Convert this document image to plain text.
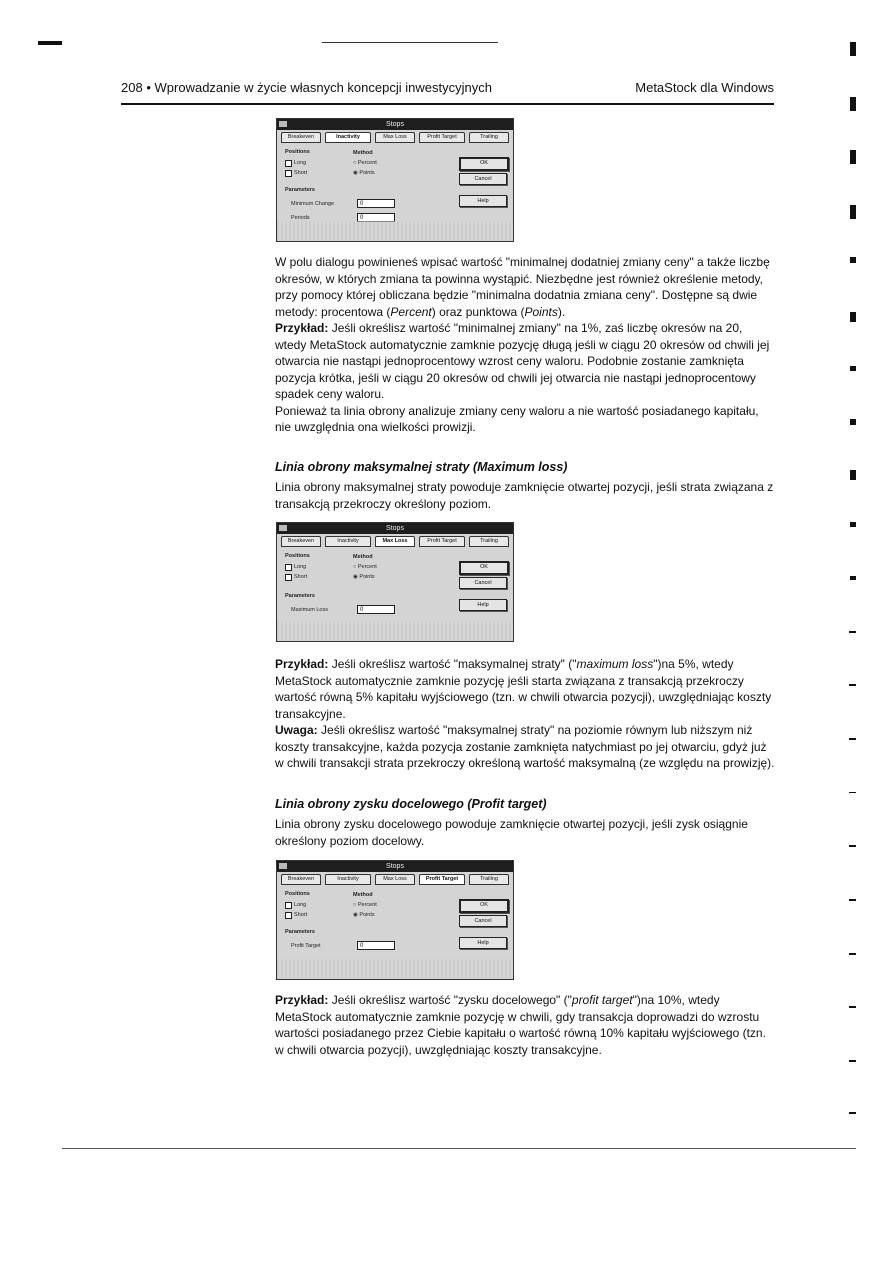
208 • Wprowadzanie w życie własnych koncepcji inwestycyjnych	MetaStock dla Windows
Stops
Breakeven	Inactivity	Max Loss	Profit Target	Trailing
Positions
Long
Short
Method
○ Percent
◉ Points
Parameters
Minimum Change	0
Periods	0
OK
Cancel
Help

W polu dialogu powinieneś wpisać wartość "minimalnej dodatniej zmiany ceny" a także liczbę okresów, w których zmiana ta powinna wystąpić. Niezbędne jest również określenie metody, przy pomocy której obliczana będzie "minimalna dodatnia zmiana ceny". Dostępne są dwie metody: procentowa (Percent) oraz punktowa (Points).
Przykład: Jeśli określisz wartość "minimalnej zmiany" na 1%, zaś liczbę okresów na 20, wtedy MetaStock automatycznie zamknie pozycję długą jeśli w ciągu 20 okresów od chwili jej otwarcia nie nastąpi jednoprocentowy wzrost ceny waloru. Podobnie zostanie zamknięta pozycja krótka, jeśli w ciągu 20 okresów od chwili jej otwarcia nie nastąpi jednoprocentowy spadek ceny waloru.
Ponieważ ta linia obrony analizuje zmiany ceny waloru a nie wartość posiadanego kapitału, nie uwzględnia ona wielkości prowizji.

Linia obrony maksymalnej straty (Maximum loss)

Linia obrony maksymalnej straty powoduje zamknięcie otwartej pozycji, jeśli strata związana z transakcją przekroczy określony poziom.

Stops
Breakeven	Inactivity	Max Loss	Profit Target	Trailing
Positions
Long
Short
Method
○ Percent
◉ Points
Parameters
Maximum Loss	0
OK
Cancel
Help

Przykład: Jeśli określisz wartość "maksymalnej straty" ("maximum loss")na 5%, wtedy MetaStock automatycznie zamknie pozycję jeśli starta związana z transakcją przekroczy wartość równą 5% kapitału wyjściowego (tzn. w chwili otwarcia pozycji), uwzględniając koszty transakcyjne.
Uwaga: Jeśli określisz wartość "maksymalnej straty" na poziomie równym lub niższym niż koszty transakcyjne, każda pozycja zostanie zamknięta natychmiast po jej otwarciu, gdyż już w chwili transakcji strata przekroczy określoną wartość maksymalną (ze względu na prowizję).

Linia obrony zysku docelowego (Profit target)

Linia obrony zysku docelowego powoduje zamknięcie otwartej pozycji, jeśli zysk osiągnie określony poziom docelowy.

Stops
Breakeven	Inactivity	Max Loss	Profit Target	Trailing
Positions
Long
Short
Method
○ Percent
◉ Points
Parameters
Profit Target	0
OK
Cancel
Help

Przykład: Jeśli określisz wartość "zysku docelowego" ("profit target")na 10%, wtedy MetaStock automatycznie zamknie pozycję w chwili, gdy transakcja doprowadzi do wzrostu wartości posiadanego przez Ciebie kapitału o wartość równą 10% kapitału wyjściowego (tzn. w chwili otwarcia pozycji), uwzględniając koszty transakcyjne.
